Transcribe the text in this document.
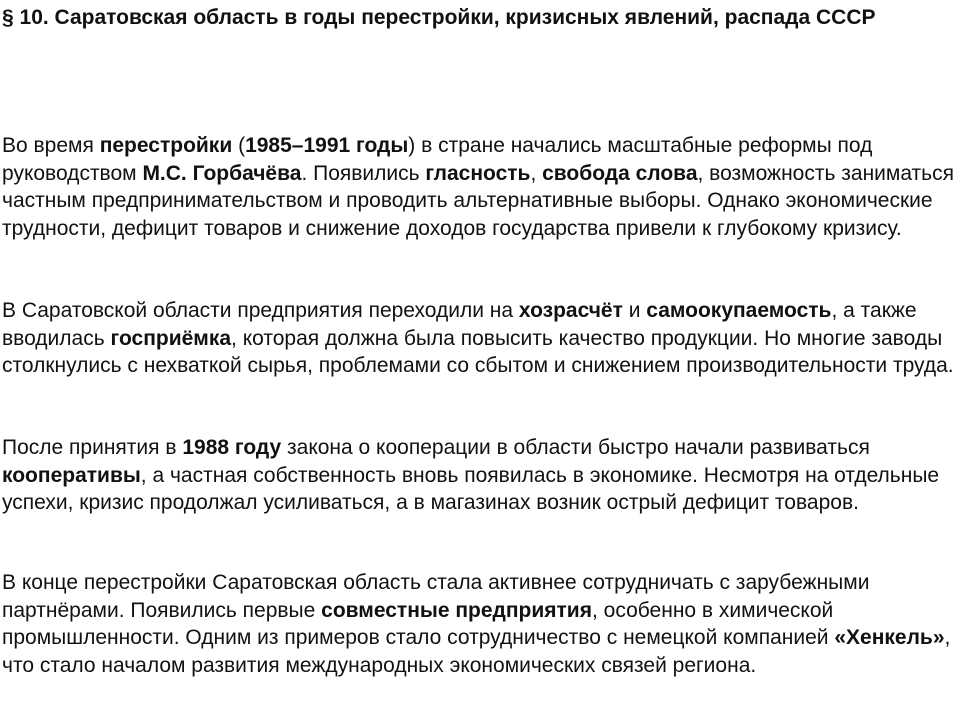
§ 10. Саратовская область в годы перестройки, кризисных явлений, распада СССР

Во время перестройки (1985–1991 годы) в стране начались масштабные реформы под руководством М.С. Горбачёва. Появились гласность, свобода слова, возможность заниматься частным предпринимательством и проводить альтернативные выборы. Однако экономические трудности, дефицит товаров и снижение доходов государства привели к глубокому кризису.

В Саратовской области предприятия переходили на хозрасчёт и самоокупаемость, а также вводилась госприёмка, которая должна была повысить качество продукции. Но многие заводы столкнулись с нехваткой сырья, проблемами со сбытом и снижением производительности труда.

После принятия в 1988 году закона о кооперации в области быстро начали развиваться кооперативы, а частная собственность вновь появилась в экономике. Несмотря на отдельные успехи, кризис продолжал усиливаться, а в магазинах возник острый дефицит товаров.

В конце перестройки Саратовская область стала активнее сотрудничать с зарубежными партнёрами. Появились первые совместные предприятия, особенно в химической промышленности. Одним из примеров стало сотрудничество с немецкой компанией «Хенкель», что стало началом развития международных экономических связей региона.
